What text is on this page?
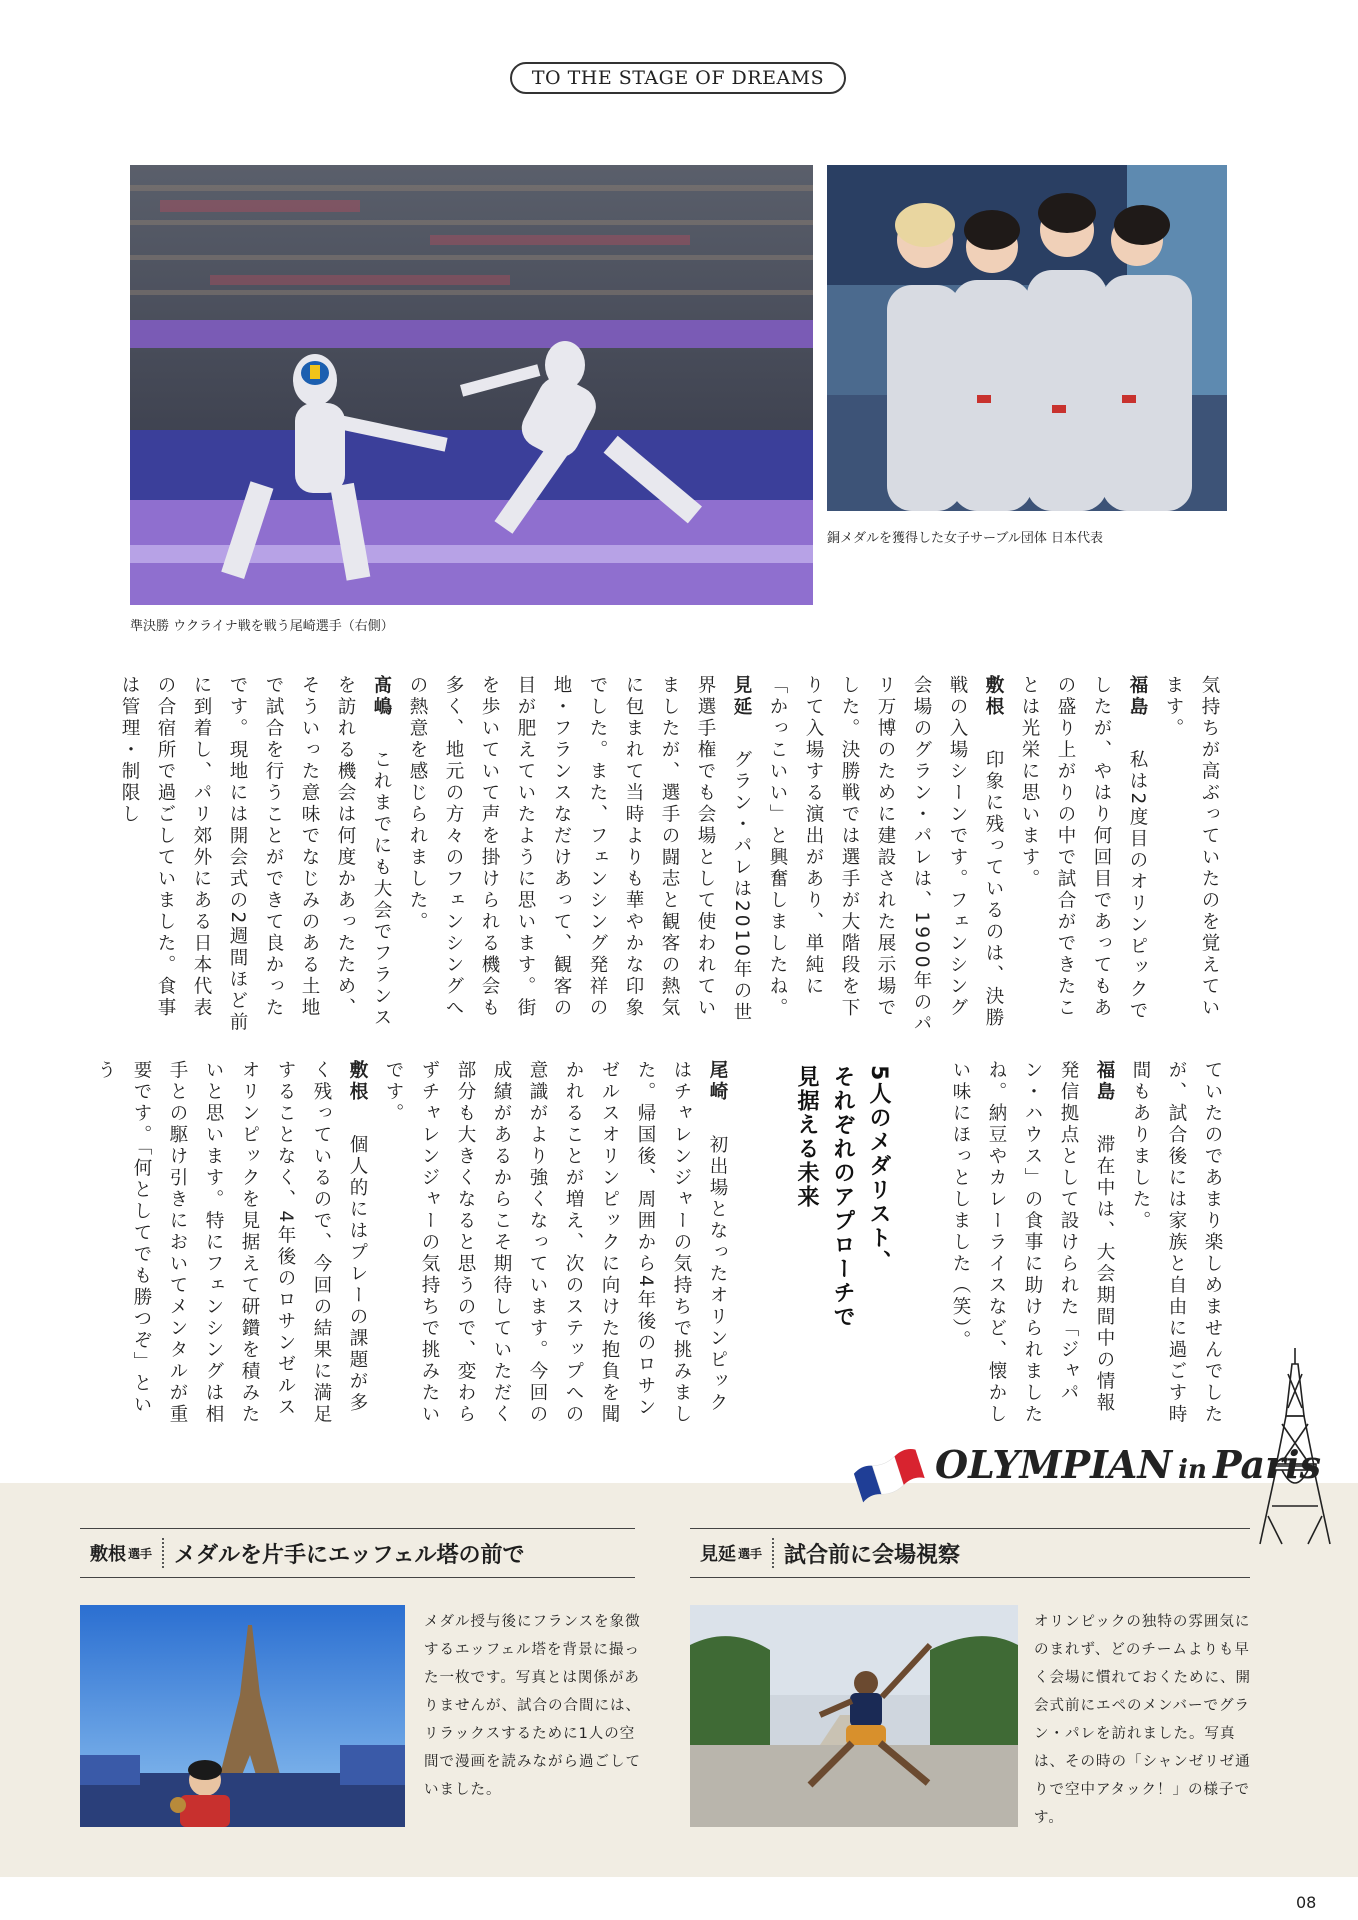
TO THE STAGE OF DREAMS
準決勝 ウクライナ戦を戦う尾崎選手（右側）
銅メダルを獲得した女子サーブル団体 日本代表

気持ちが高ぶっていたのを覚えています。

福島　私は2度目のオリンピックでしたが、やはり何回目であってもあの盛り上がりの中で試合ができたことは光栄に思います。

敷根　印象に残っているのは、決勝戦の入場シーンです。フェンシング会場のグラン・パレは、1900年のパリ万博のために建設された展示場でした。決勝戦では選手が大階段を下りて入場する演出があり、単純に「かっこいい」と興奮しましたね。

見延　グラン・パレは2010年の世界選手権でも会場として使われていましたが、選手の闘志と観客の熱気に包まれて当時よりも華やかな印象でした。また、フェンシング発祥の地・フランスなだけあって、観客の目が肥えていたように思います。街を歩いていて声を掛けられる機会も多く、地元の方々のフェンシングへの熱意を感じられました。

髙嶋　これまでにも大会でフランスを訪れる機会は何度かあったため、そういった意味でなじみのある土地で試合を行うことができて良かったです。現地には開会式の2週間ほど前に到着し、パリ郊外にある日本代表の合宿所で過ごしていました。食事は管理・制限し

ていたのであまり楽しめませんでしたが、試合後には家族と自由に過ごす時間もありました。

福島　滞在中は、大会期間中の情報発信拠点として設けられた「ジャパン・ハウス」の食事に助けられましたね。納豆やカレーライスなど、懐かしい味にほっとしました（笑）。

5人のメダリスト、

それぞれのアプローチで

見据える未来

尾崎　初出場となったオリンピックはチャレンジャーの気持ちで挑みました。帰国後、周囲から4年後のロサンゼルスオリンピックに向けた抱負を聞かれることが増え、次のステップへの意識がより強くなっています。今回の成績があるからこそ期待していただく部分も大きくなると思うので、変わらずチャレンジャーの気持ちで挑みたいです。

敷根　個人的にはプレーの課題が多く残っているので、今回の結果に満足することなく、4年後のロサンゼルスオリンピックを見据えて研鑽を積みたいと思います。特にフェンシングは相手との駆け引きにおいてメンタルが重要です。「何としてでも勝つぞ」という

OLYMPIAN in Paris
敷根 選手 メダルを片手にエッフェル塔の前で
メダル授与後にフランスを象徴するエッフェル塔を背景に撮った一枚です。写真とは関係がありませんが、試合の合間には、リラックスするために1人の空間で漫画を読みながら過ごしていました。
見延 選手 試合前に会場視察
オリンピックの独特の雰囲気にのまれず、どのチームよりも早く会場に慣れておくために、開会式前にエペのメンバーでグラン・パレを訪れました。写真は、その時の「シャンゼリゼ通りで空中アタック！」の様子です。
08
